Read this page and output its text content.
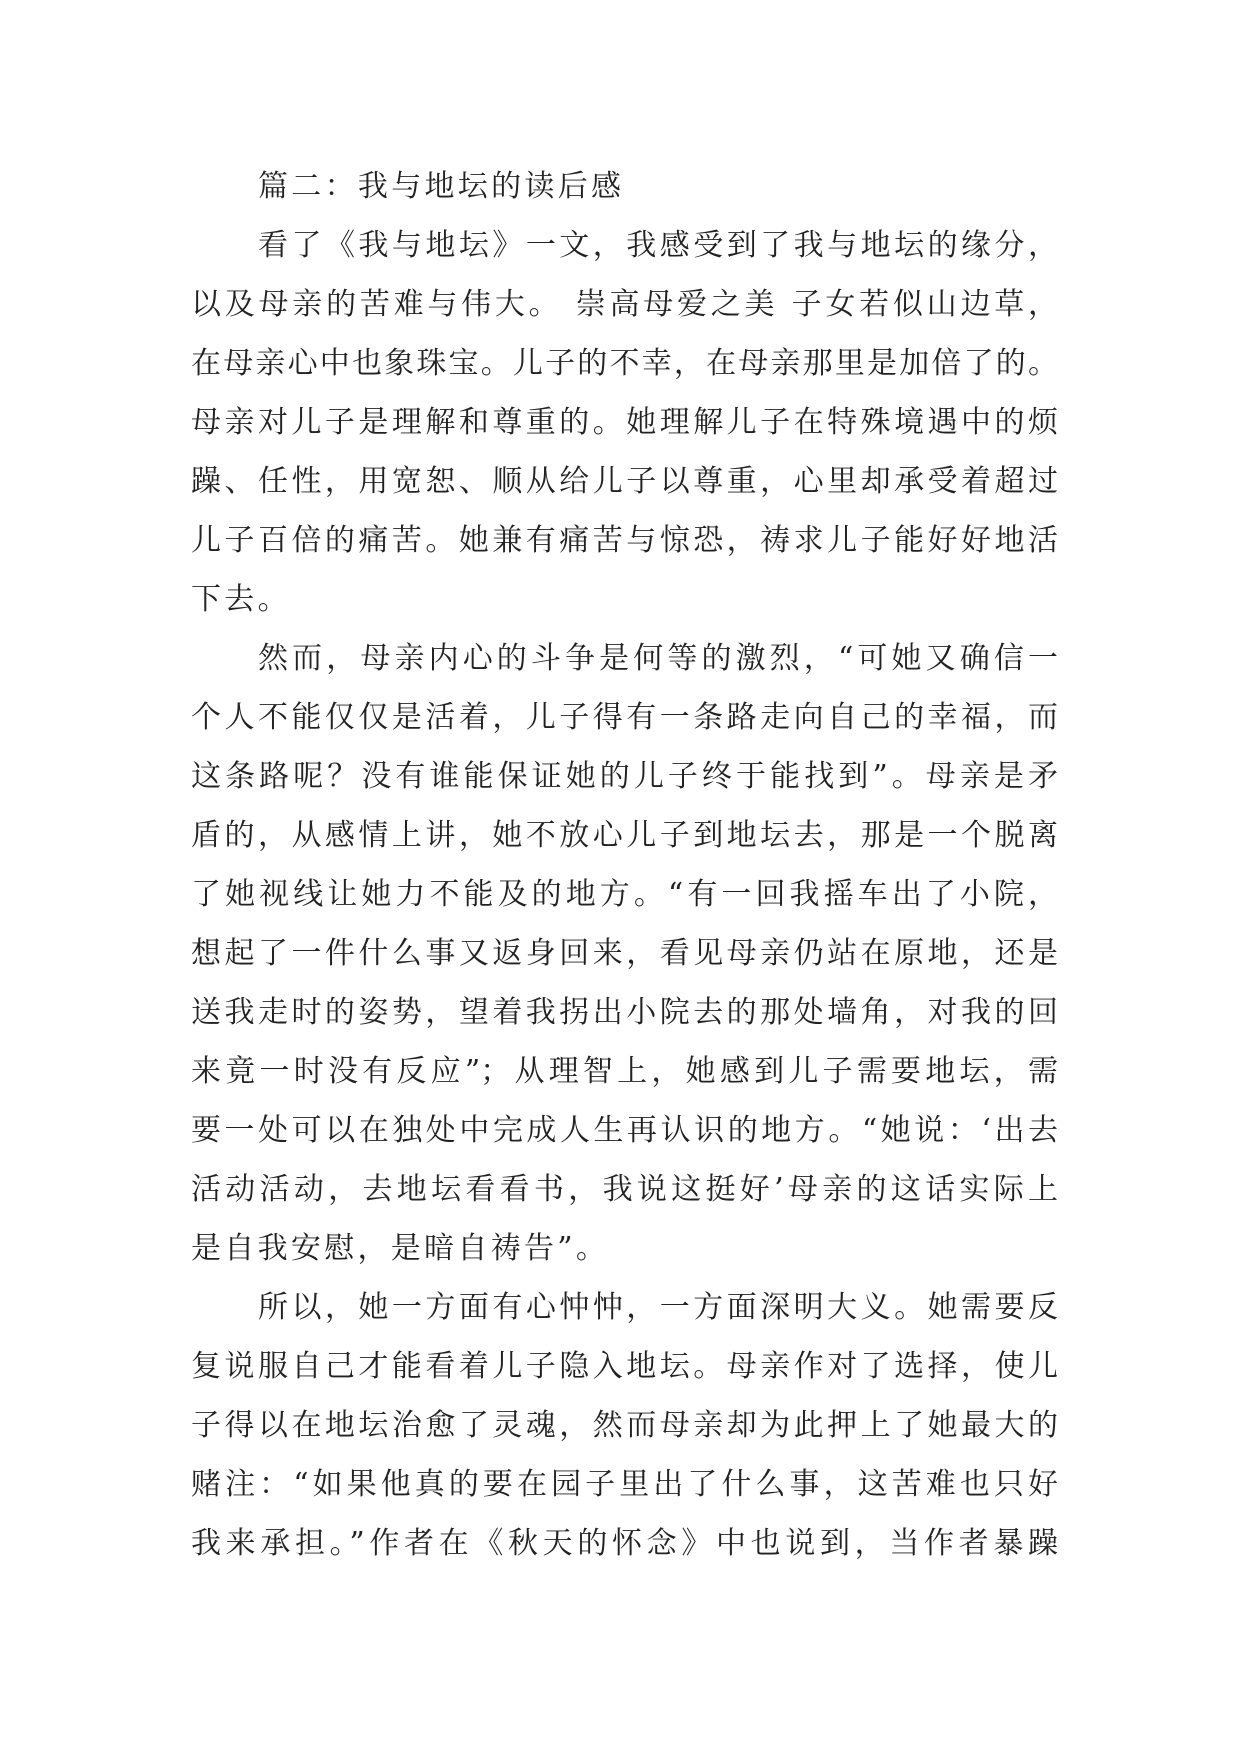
篇二：我与地坛的读后感
看了《我与地坛》一文，我感受到了我与地坛的缘分，
以及母亲的苦难与伟大。 崇高母爱之美 子女若似山边草，
在母亲心中也象珠宝。儿子的不幸，在母亲那里是加倍了的。
母亲对儿子是理解和尊重的。她理解儿子在特殊境遇中的烦
躁、任性，用宽恕、顺从给儿子以尊重，心里却承受着超过
儿子百倍的痛苦。她兼有痛苦与惊恐，祷求儿子能好好地活
下去。
然而，母亲内心的斗争是何等的激烈，“可她又确信一
个人不能仅仅是活着，儿子得有一条路走向自己的幸福，而
这条路呢？没有谁能保证她的儿子终于能找到”。母亲是矛
盾的，从感情上讲，她不放心儿子到地坛去，那是一个脱离
了她视线让她力不能及的地方。“有一回我摇车出了小院，
想起了一件什么事又返身回来，看见母亲仍站在原地，还是
送我走时的姿势，望着我拐出小院去的那处墙角，对我的回
来竟一时没有反应”；从理智上，她感到儿子需要地坛，需
要一处可以在独处中完成人生再认识的地方。“她说：‘出去
活动活动，去地坛看看书，我说这挺好’母亲的这话实际上
是自我安慰，是暗自祷告”。
所以，她一方面有心忡忡，一方面深明大义。她需要反
复说服自己才能看着儿子隐入地坛。母亲作对了选择，使儿
子得以在地坛治愈了灵魂，然而母亲却为此押上了她最大的
赌注：“如果他真的要在园子里出了什么事，这苦难也只好
我来承担。”作者在《秋天的怀念》中也说到，当作者暴躁
